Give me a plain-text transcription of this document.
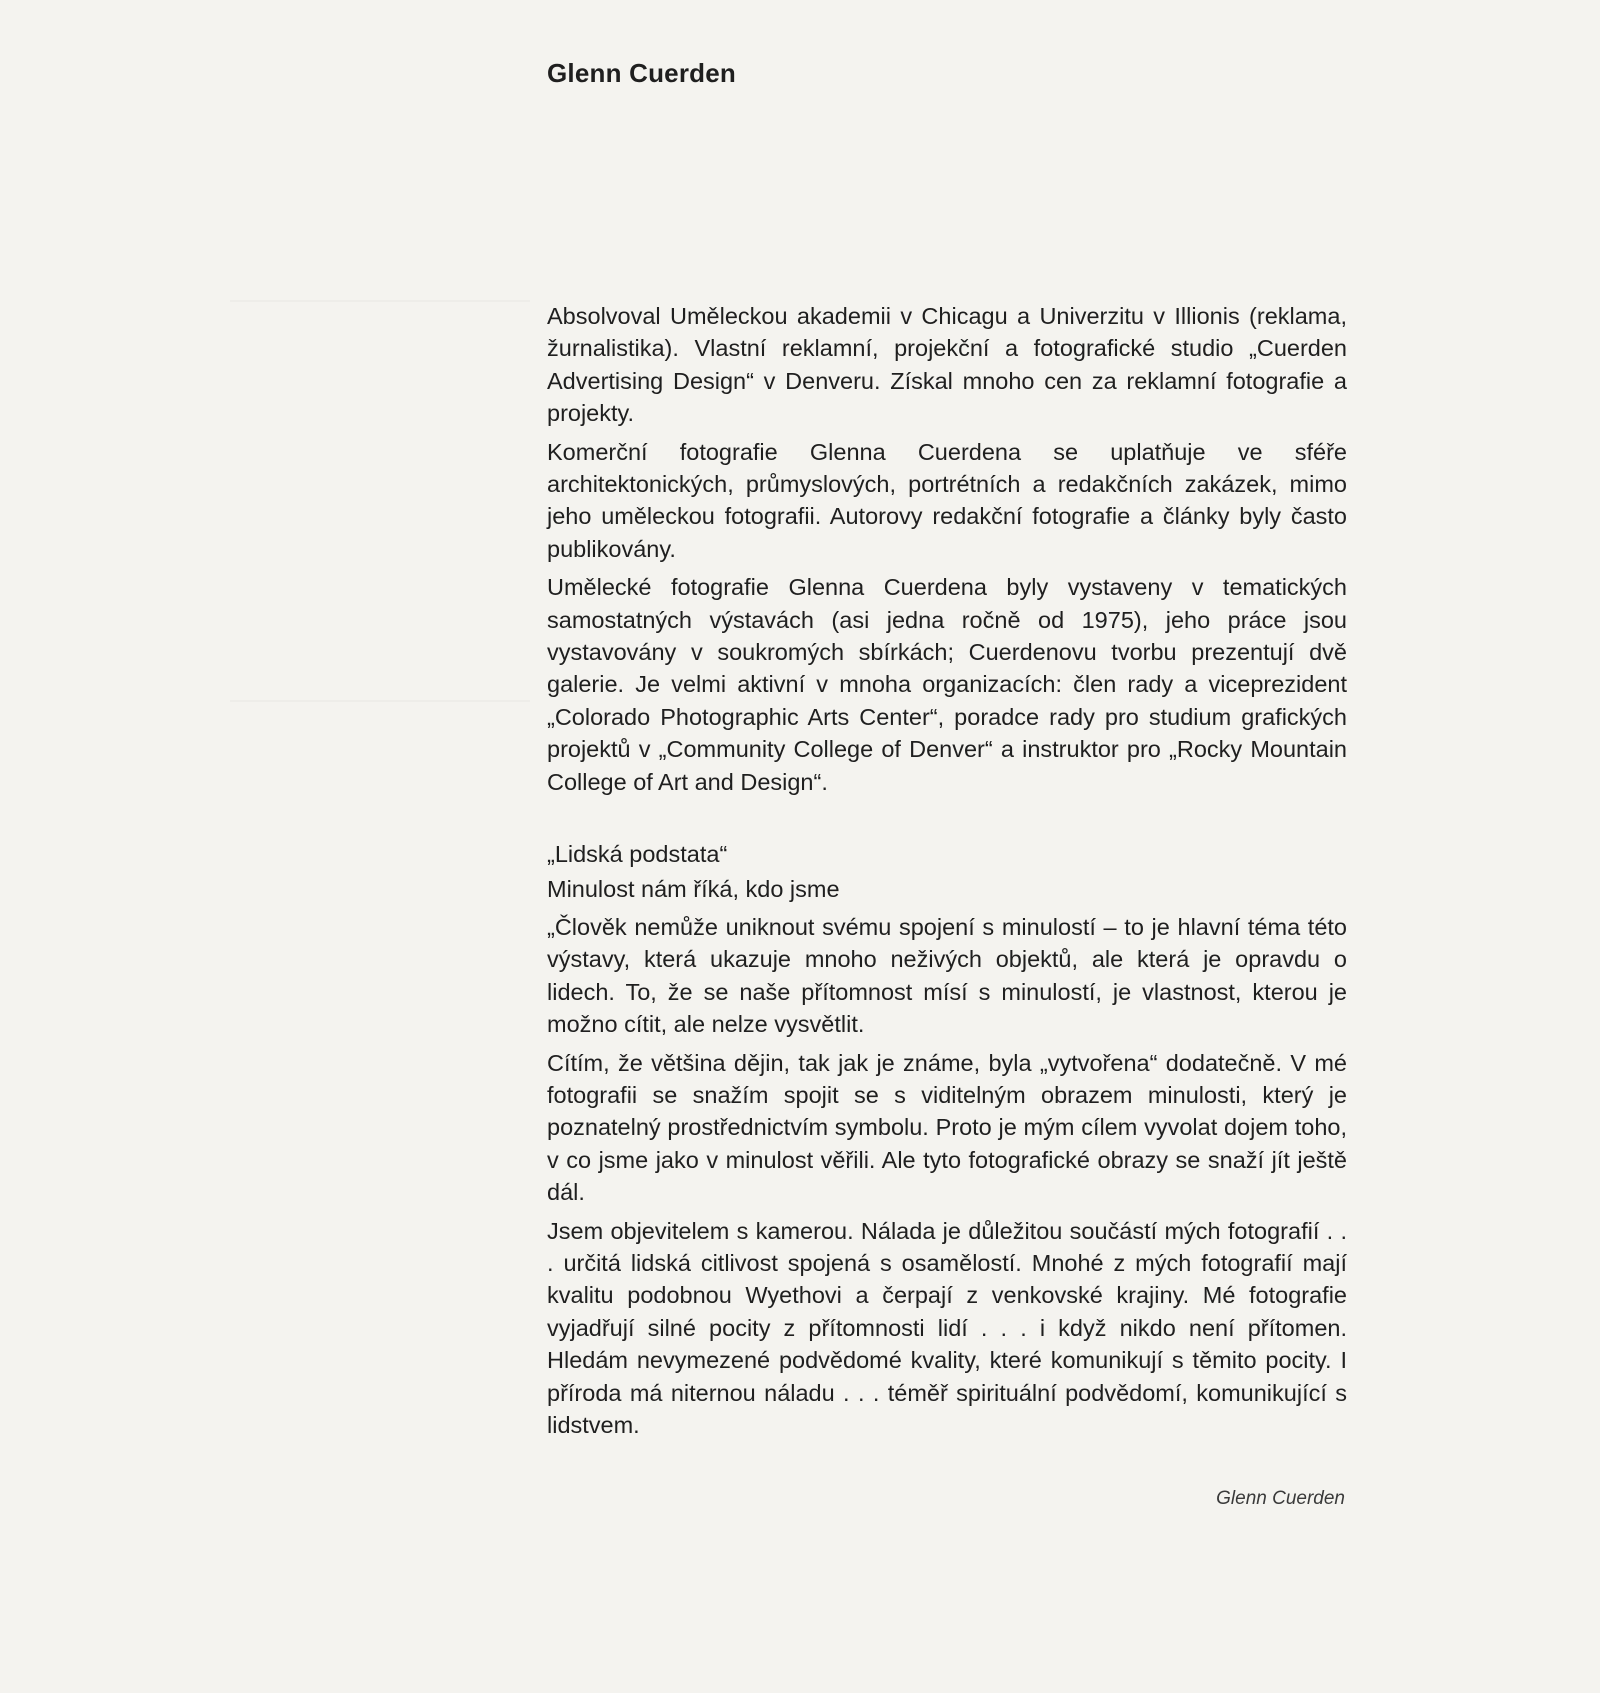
Glenn Cuerden

Absolvoval Uměleckou akademii v Chicagu a Univerzitu v Illionis (reklama, žurnalistika). Vlastní reklamní, projekční a fotografické studio „Cuerden Advertising Design“ v Denveru. Získal mnoho cen za reklamní fotografie a projekty.

Komerční fotografie Glenna Cuerdena se uplatňuje ve sféře architektonických, průmyslových, portrétních a redakčních zakázek, mimo jeho uměleckou fotografii. Autorovy redakční fotografie a články byly často publikovány.

Umělecké fotografie Glenna Cuerdena byly vystaveny v tematických samostatných výstavách (asi jedna ročně od 1975), jeho práce jsou vystavovány v soukromých sbírkách; Cuerdenovu tvorbu prezentují dvě galerie. Je velmi aktivní v mnoha organizacích: člen rady a viceprezident „Colorado Photographic Arts Center“, poradce rady pro studium grafických projektů v „Community College of Denver“ a instruktor pro „Rocky Mountain College of Art and Design“.

„Lidská podstata“

Minulost nám říká, kdo jsme

„Člověk nemůže uniknout svému spojení s minulostí – to je hlavní téma této výstavy, která ukazuje mnoho neživých objektů, ale která je opravdu o lidech. To, že se naše přítomnost mísí s minulostí, je vlastnost, kterou je možno cítit, ale nelze vysvětlit.

Cítím, že většina dějin, tak jak je známe, byla „vytvořena“ dodatečně. V mé fotografii se snažím spojit se s viditelným obrazem minulosti, který je poznatelný prostřednictvím symbolu. Proto je mým cílem vyvolat dojem toho, v co jsme jako v minulost věřili. Ale tyto fotografické obrazy se snaží jít ještě dál.

Jsem objevitelem s kamerou. Nálada je důležitou součástí mých fotografií . . . určitá lidská citlivost spojená s osamělostí. Mnohé z mých fotografií mají kvalitu podobnou Wyethovi a čerpají z venkovské krajiny. Mé fotografie vyjadřují silné pocity z přítomnosti lidí . . . i když nikdo není přítomen. Hledám nevymezené podvědomé kvality, které komunikují s těmito pocity. I příroda má niternou náladu . . . téměř spirituální podvědomí, komunikující s lidstvem.

Glenn Cuerden
